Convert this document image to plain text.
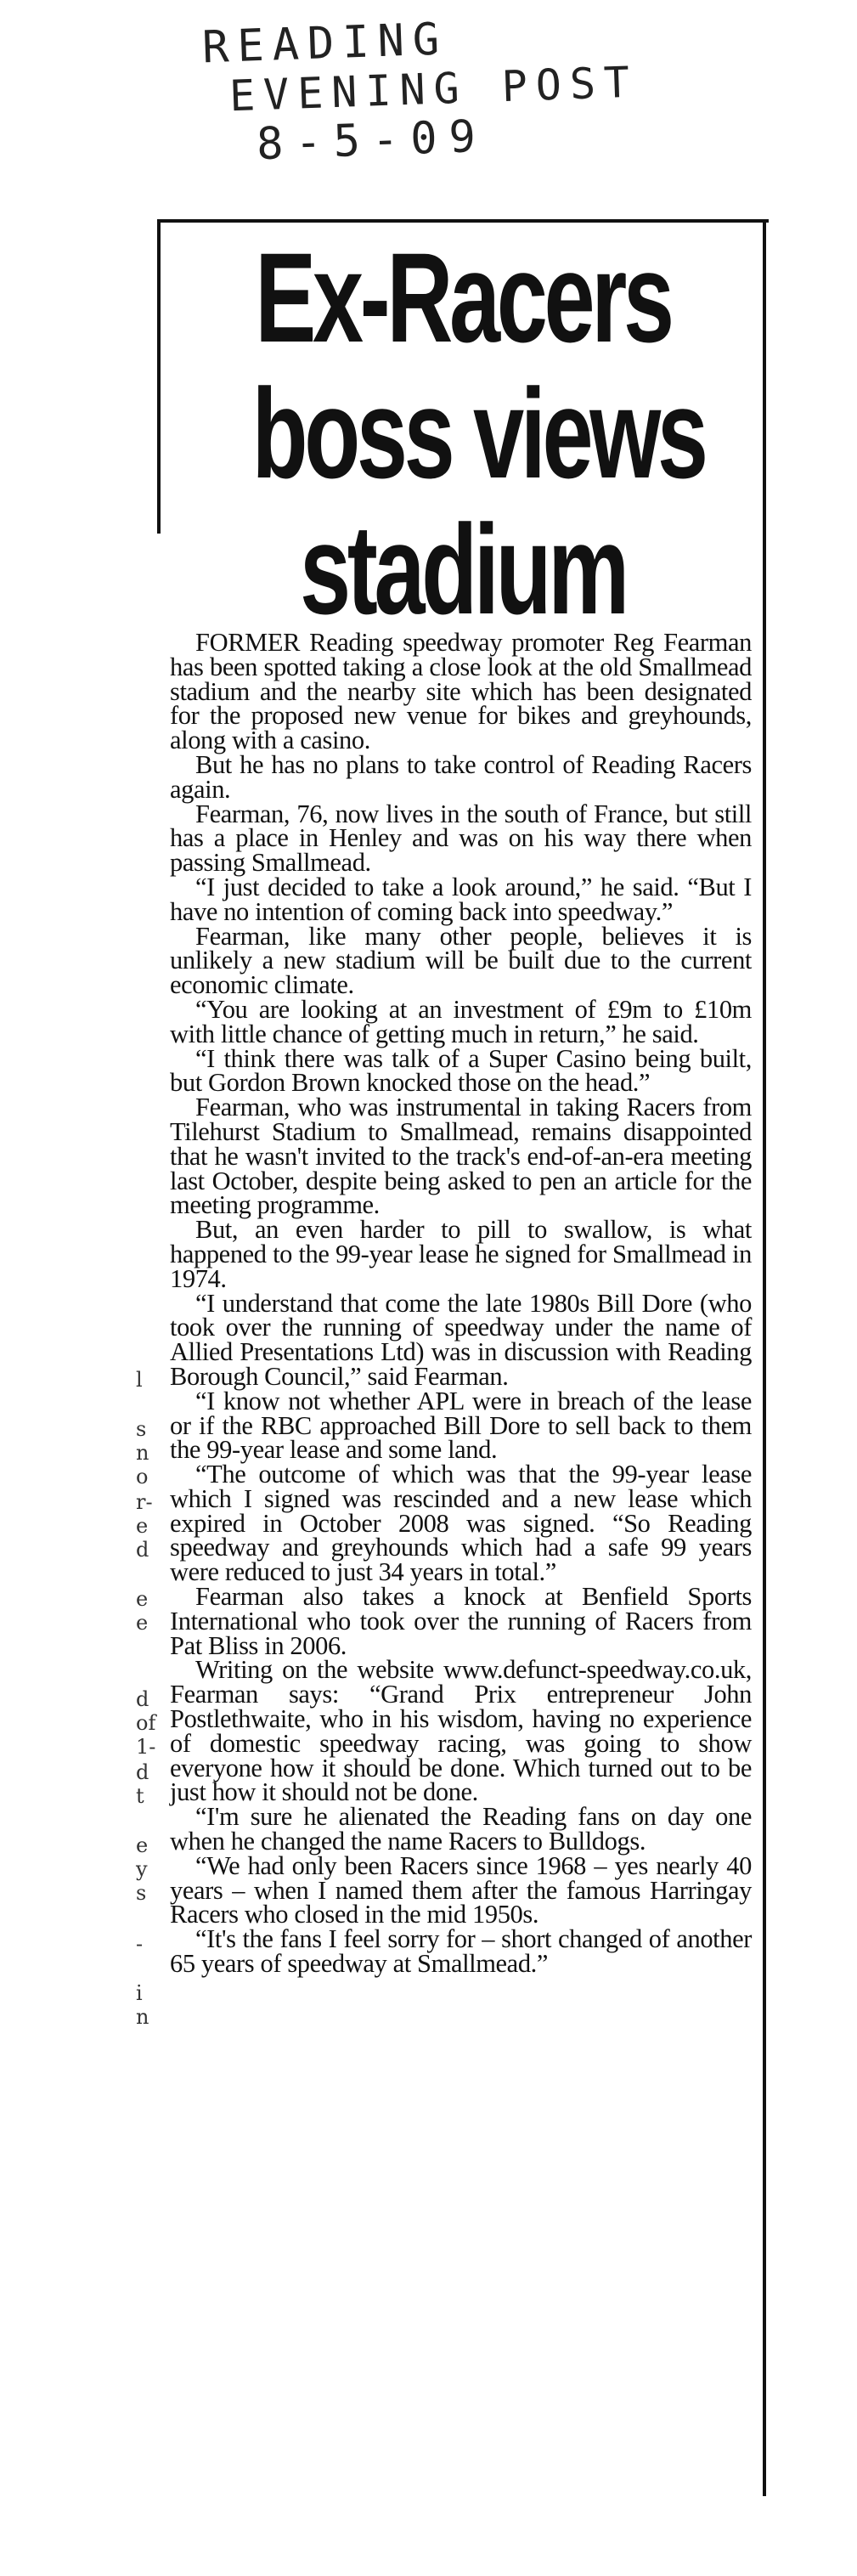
READING
EVENING POST
8-5-09
Ex-Racers
boss views
stadium

FORMER Reading speedway promoter Reg Fearman has been spotted taking a close look at the old Smallmead stadium and the nearby site which has been designated for the proposed new venue for bikes and greyhounds, along with a casino.

But he has no plans to take control of Reading Racers again.

Fearman, 76, now lives in the south of France, but still has a place in Henley and was on his way there when passing Smallmead.

“I just decided to take a look around,” he said. “But I have no intention of coming back into speedway.”

Fearman, like many other people, believes it is unlikely a new stadium will be built due to the current economic climate.

“You are looking at an investment of £9m to £10m with little chance of getting much in return,” he said.

“I think there was talk of a Super Casino being built, but Gordon Brown knocked those on the head.”

Fearman, who was instrumental in taking Racers from Tilehurst Stadium to Smallmead, remains disappointed that he wasn't invited to the track's end-of-an-era meeting last October, despite being asked to pen an article for the meeting programme.

But, an even harder to pill to swallow, is what happened to the 99-year lease he signed for Smallmead in 1974.

“I understand that come the late 1980s Bill Dore (who took over the running of speedway under the name of Allied Presentations Ltd) was in discussion with Reading Borough Council,” said Fearman.

“I know not whether APL were in breach of the lease or if the RBC approached Bill Dore to sell back to them the 99-year lease and some land.

“The outcome of which was that the 99-year lease which I signed was rescinded and a new lease which expired in October 2008 was signed. “So Reading speedway and greyhounds which had a safe 99 years were reduced to just 34 years in total.”

Fearman also takes a knock at Benfield Sports International who took over the running of Racers from Pat Bliss in 2006.

Writing on the website www.defunct-speedway.co.uk, Fearman says: “Grand Prix entrepreneur John Postlethwaite, who in his wisdom, having no experience of domestic speedway racing, was going to show everyone how it should be done. Which turned out to be just how it should not be done.

“I'm sure he alienated the Reading fans on day one when he changed the name Racers to Bulldogs.

“We had only been Racers since 1968 – yes nearly 40 years – when I named them after the famous Harringay Racers who closed in the mid 1950s.

“It's the fans I feel sorry for – short changed of another 65 years of speedway at Smallmead.”

l
s
n
o
r-
e
d
e
e
d
of
1-
d
t
e
y
s
-
i
n
